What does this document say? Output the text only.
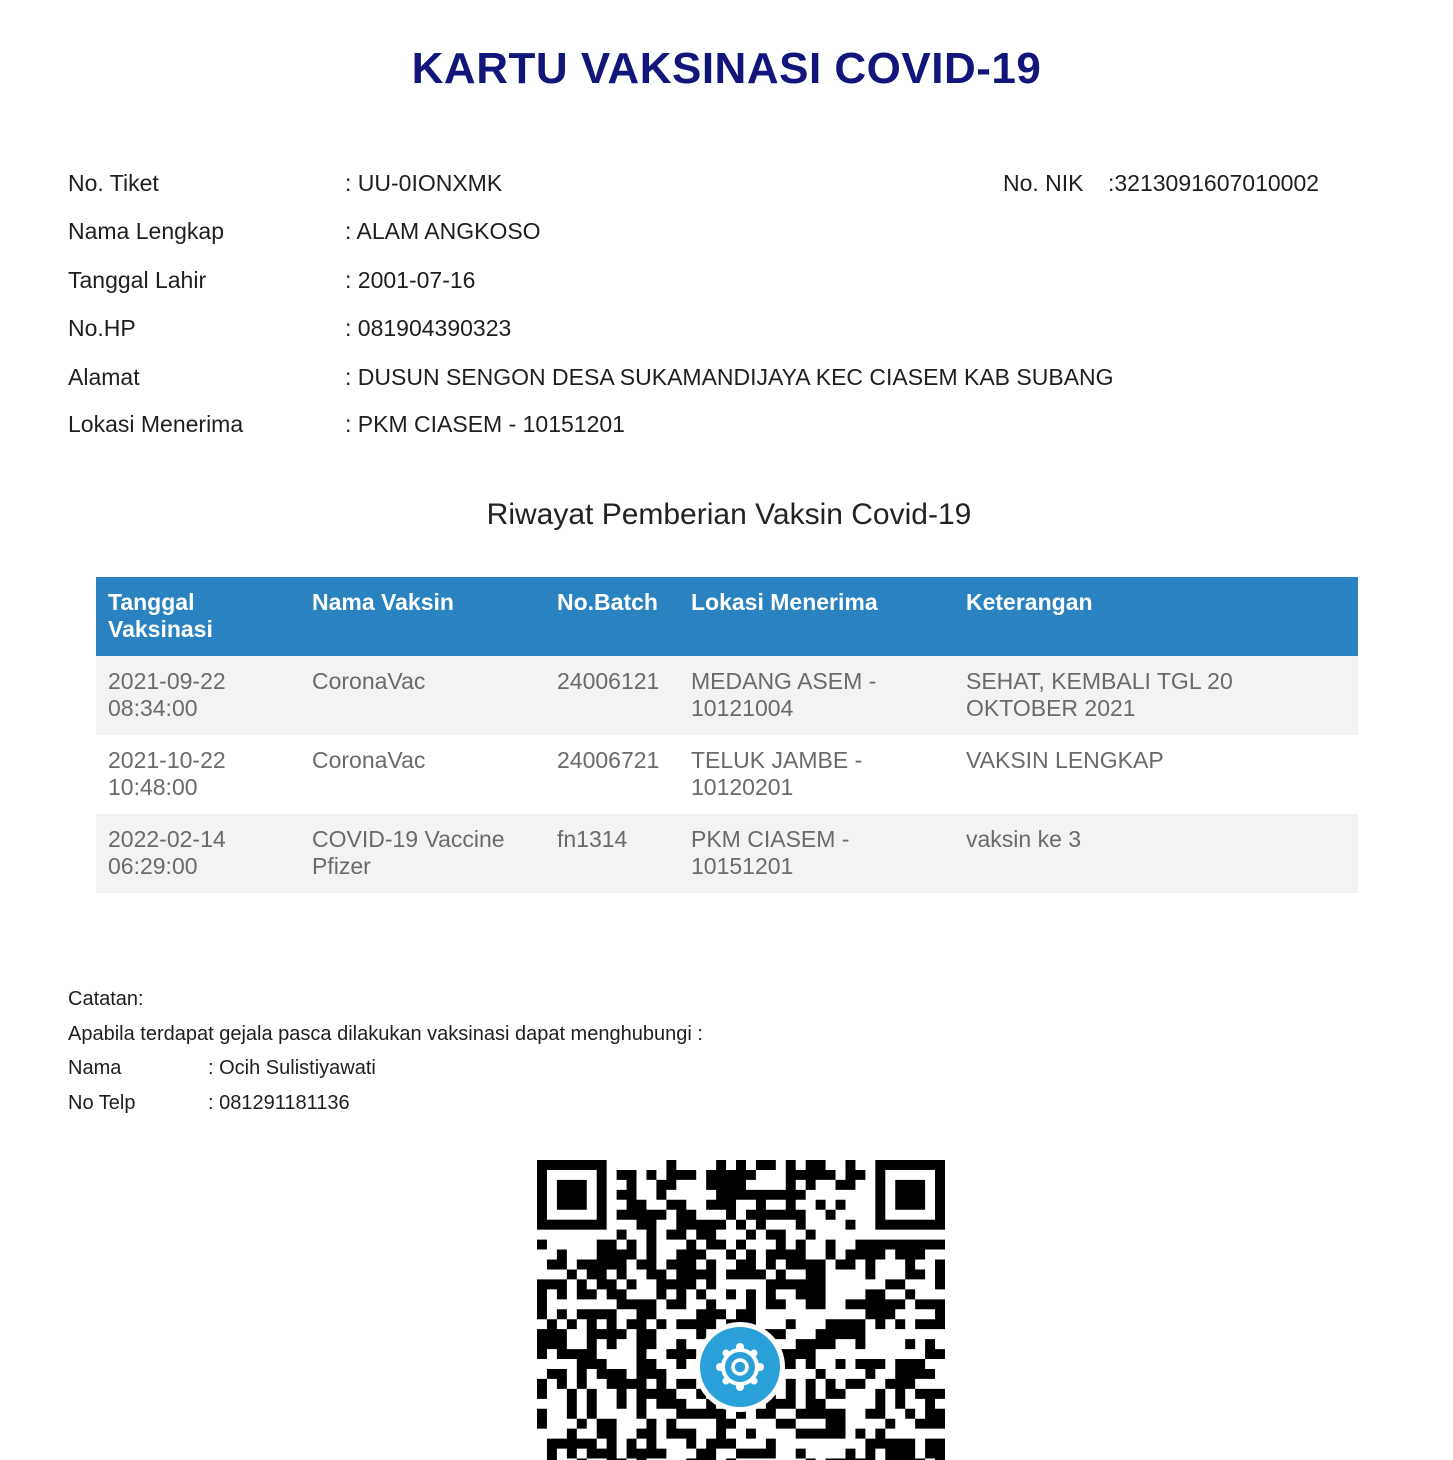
KARTU VAKSINASI COVID-19
No. Tiket	: UU-0IONXMK	No. NIK :3213091607010002
Nama Lengkap	: ALAM ANGKOSO
Tanggal Lahir	: 2001-07-16
No.HP	: 081904390323
Alamat	: DUSUN SENGON DESA SUKAMANDIJAYA KEC CIASEM KAB SUBANG
Lokasi Menerima	: PKM CIASEM - 10151201
Riwayat Pemberian Vaksin Covid-19
Tanggal Vaksinasi	Nama Vaksin	No.Batch	Lokasi Menerima	Keterangan
2021-09-22 08:34:00	CoronaVac	24006121	MEDANG ASEM - 10121004	SEHAT, KEMBALI TGL 20 OKTOBER 2021
2021-10-22 10:48:00	CoronaVac	24006721	TELUK JAMBE - 10120201	VAKSIN LENGKAP
2022-02-14 06:29:00	COVID-19 Vaccine Pfizer	fn1314	PKM CIASEM - 10151201	vaksin ke 3
Catatan:
Apabila terdapat gejala pasca dilakukan vaksinasi dapat menghubungi :
Nama	: Ocih Sulistiyawati
No Telp	: 081291181136
